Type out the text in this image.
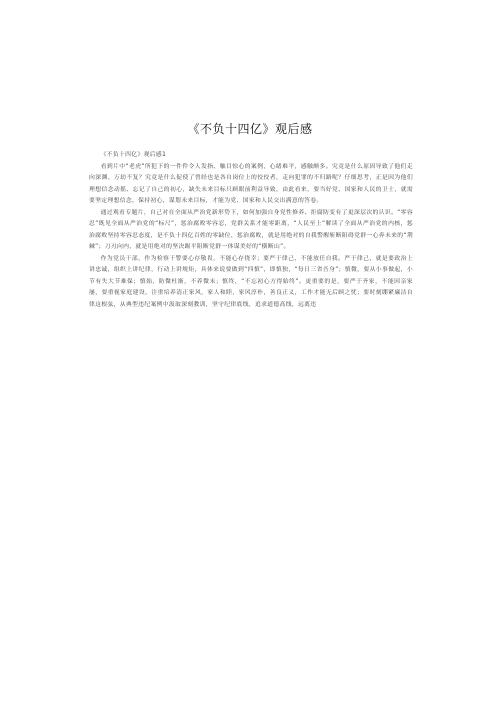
《不负十四亿》观后感

《不负十四亿》观后感1

看到片中“老虎”所犯下的一件件令人发指、触目惊心的案例，心绪难平，感触颇多。究竟是什么原因导致了他们走向深渊、万劫不复？究竟是什么促使了曾经也是各自岗位上的佼佼者，走向犯罪的不归路呢？仔细思考，正是因为他们理想信念动摇、忘记了自己的初心，缺失未来目标只顾眼前利益导致，由此看来，要当好党、国家和人民的卫士，就需要坚定理想信念，保持初心，谋划未来目标，才能为党、国家和人民交出满意的答卷。

通过观看专题片，自己对在全面从严治党新形势下，如何加强自身党性修养、拒腐防变有了更深层次的认识。“零容忍”既见全面从严治党的“标尺”，惩治腐败零容忍，党群关系才能零距离，“人民至上”解读了全面从严治党的内核，惩治腐败坚持零容忍态度，是不负十四亿百姓的零缺位，惩治腐败，就是用绝对的自我警醒斩断阻碍党群一心奔未来的“荆棘”；刀刃向内，就是用绝对的坚决踢平阻断党群一体谋美好的“横断山”。

作为党员干部，作为检察干警要心存敬畏，不能心存侥幸；要严于律己，不能放任自我。严于律己，就是要政治上讲忠诚，组织上讲纪律，行动上讲规矩，具体来说要做到“四慎”，即慎独，“每日三省吾身”；慎微，要从小事做起，小节有失大节难保；慎始，防微杜渐，不养微末；慎终，“不忘初心方得始终”。更重要的是，要严于齐家，不能因亲家屡，要重视家庭建设，注重培养清正家风，家人和睦，家风淳朴，善良正义，工作才能无后顾之忧；要时刻绷紧廉洁自律这根弦，从典型违纪案例中汲取深刻教训，坚守纪律底线，追求道德高线，远离违
